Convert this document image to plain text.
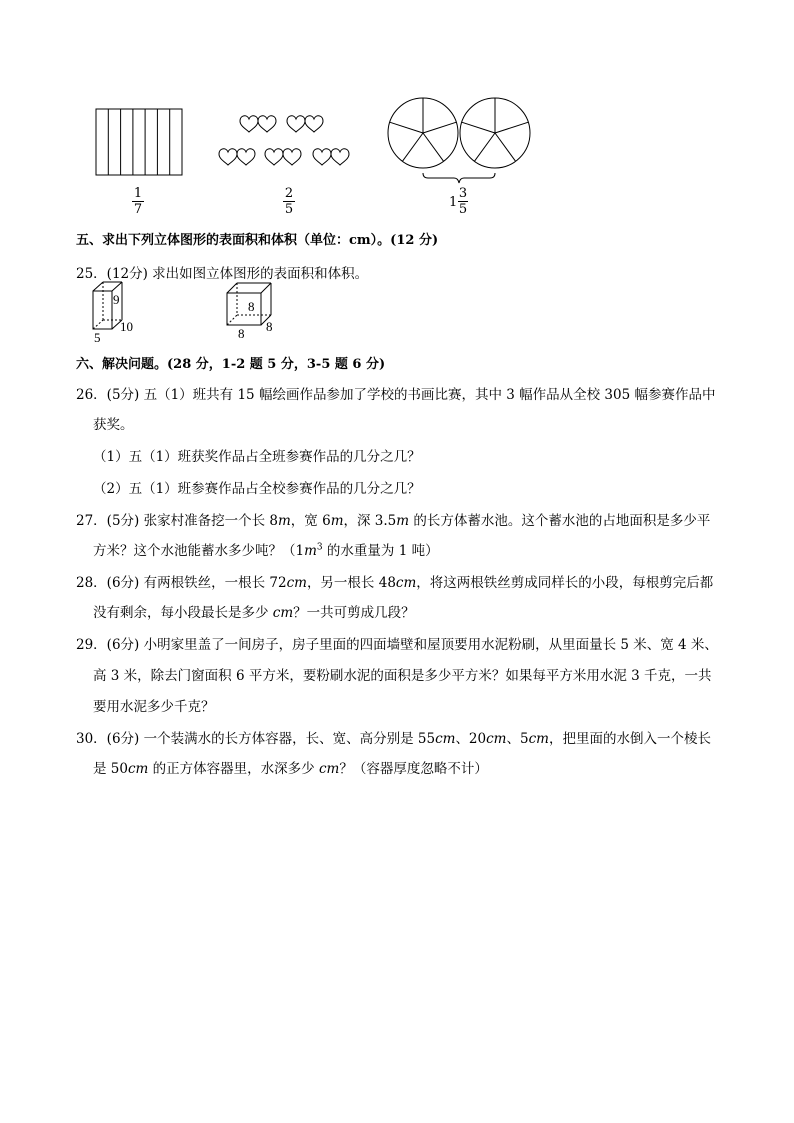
1
7
2
5	1
3
5
五、求出下列立体图形的表面积和体积（单位：cm）。(12 分)
25．(12分) 求出如图立体图形的表面积和体积。
9
10
5
8
8
8
六、解决问题。(28 分，1-2 题 5 分，3-5 题 6 分)
26．(5分) 五（1）班共有 15 幅绘画作品参加了学校的书画比赛，其中 3 幅作品从全校 305 幅参赛作品中
获奖。
（1）五（1）班获奖作品占全班参赛作品的几分之几？
（2）五（1）班参赛作品占全校参赛作品的几分之几？
27．(5分) 张家村准备挖一个长 8m，宽 6m，深 3.5m 的长方体蓄水池。这个蓄水池的占地面积是多少平
方米？这个水池能蓄水多少吨？（$1m^3$ 的水重量为 1 吨）
28．(6分) 有两根铁丝，一根长 72cm，另一根长 48cm，将这两根铁丝剪成同样长的小段，每根剪完后都
没有剩余，每小段最长是多少 cm？一共可剪成几段？
29．(6分) 小明家里盖了一间房子，房子里面的四面墙壁和屋顶要用水泥粉刷，从里面量长 5 米、宽 4 米、
高 3 米，除去门窗面积 6 平方米，要粉刷水泥的面积是多少平方米？如果每平方米用水泥 3 千克，一共
要用水泥多少千克？
30．(6分) 一个装满水的长方体容器，长、宽、高分别是 55cm、20cm、5cm，把里面的水倒入一个棱长
是 50cm 的正方体容器里，水深多少 cm？（容器厚度忽略不计）
